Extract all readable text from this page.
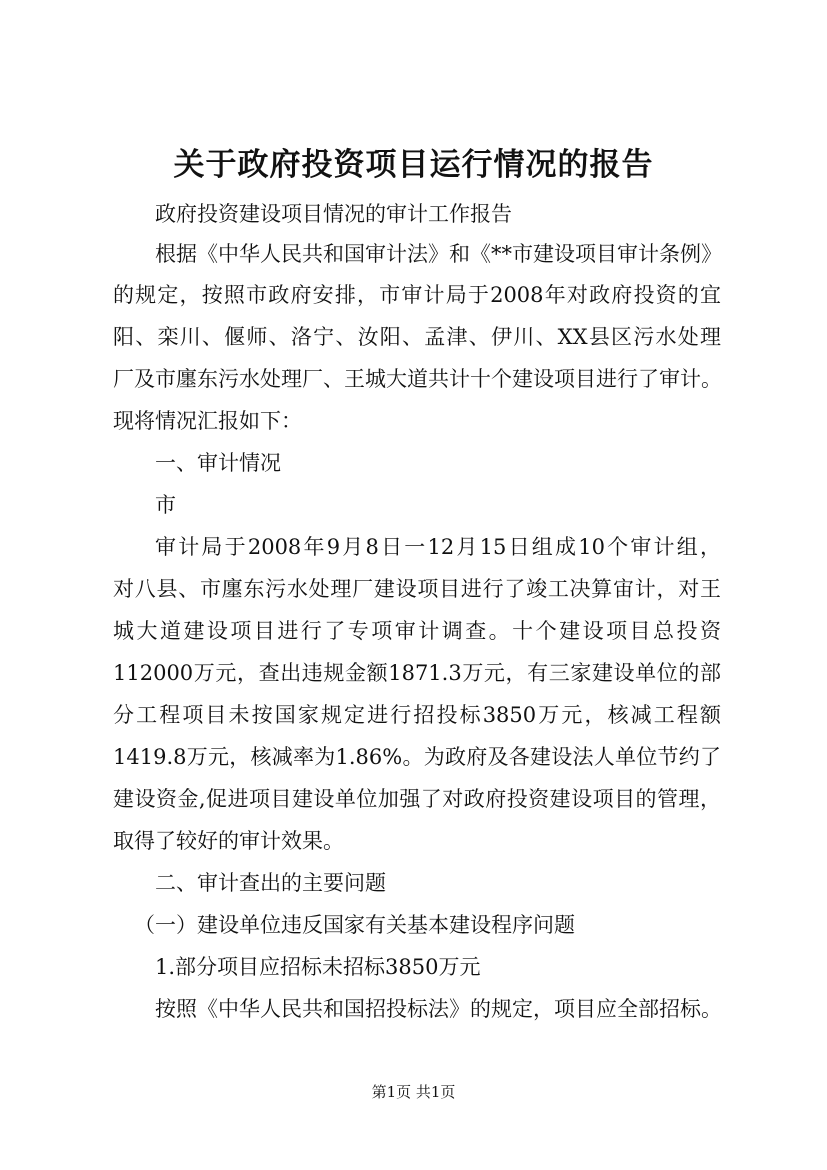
关于政府投资项目运行情况的报告
政府投资建设项目情况的审计工作报告
根据《中华人民共和国审计法》和《**市建设项目审计条例》
的规定，按照市政府安排，市审计局于2008年对政府投资的宜
阳、栾川、偃师、洛宁、汝阳、孟津、伊川、XX县区污水处理
厂及市廛东污水处理厂、王城大道共计十个建设项目进行了审计。
现将情况汇报如下：
一、审计情况
市
审计局于2008年9月8日一12月15日组成10个审计组，
对八县、市廛东污水处理厂建设项目进行了竣工决算宙计，对王
城大道建设项目进行了专项审计调查。十个建设项目总投资
112000万元，查出违规金额1871.3万元，有三家建设单位的部
分工程项目未按国家规定进行招投标3850万元，核减工程额
1419.8万元，核减率为1.86%。为政府及各建设法人单位节约了
建设资金,促进项目建设单位加强了对政府投资建设项目的管理，
取得了较好的审计效果。
二、审计查出的主要问题
（一）建设单位违反国家有关基本建设程序问题
1.部分项目应招标未招标3850万元
按照《中华人民共和国招投标法》的规定，项目应全部招标。
第1页 共1页
